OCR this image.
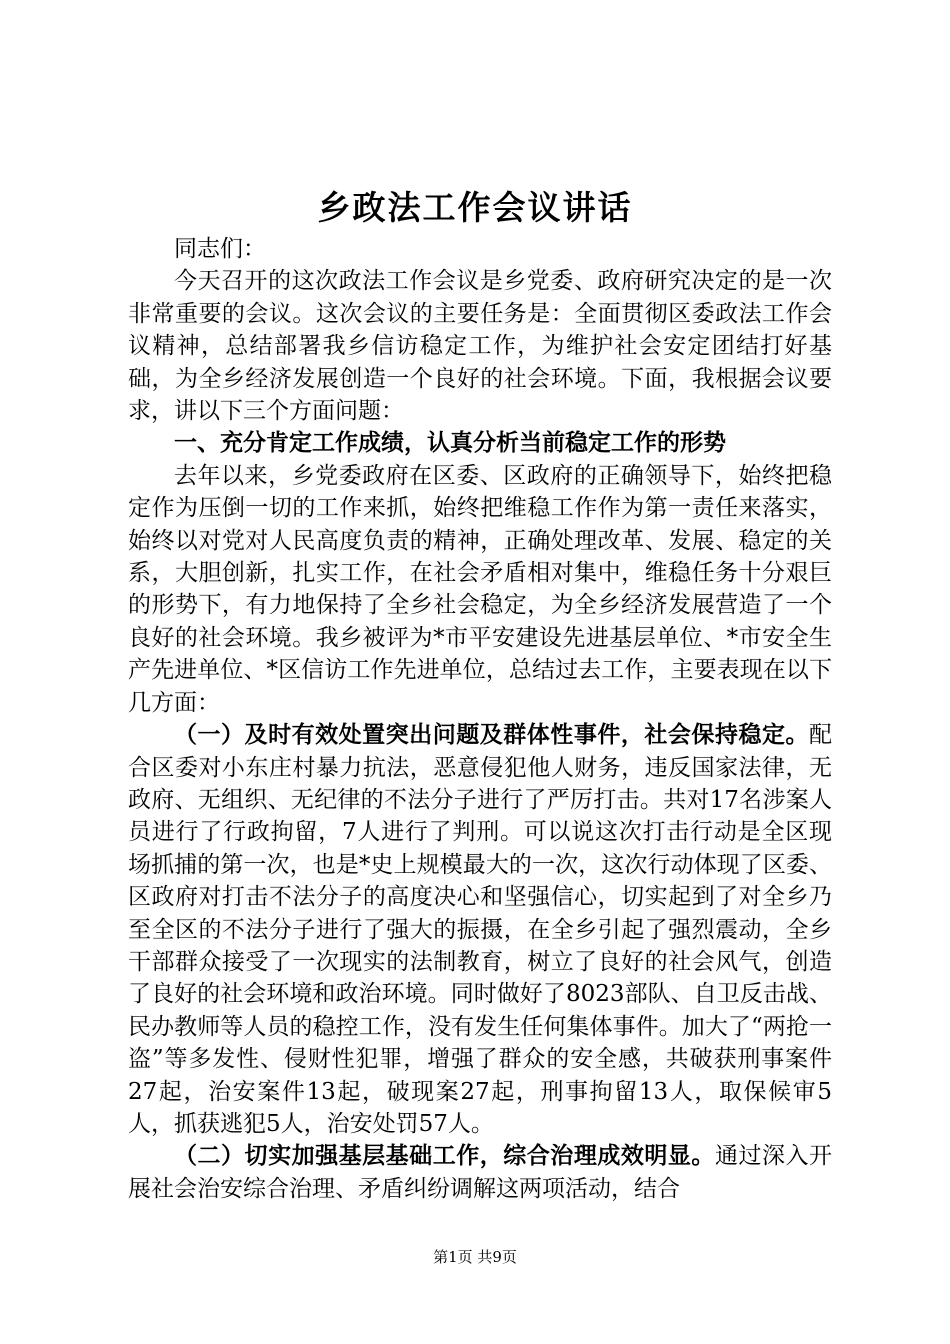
乡政法工作会议讲话

同志们：

今天召开的这次政法工作会议是乡党委、政府研究决定的是一次非常重要的会议。这次会议的主要任务是：全面贯彻区委政法工作会议精神，总结部署我乡信访稳定工作，为维护社会安定团结打好基础，为全乡经济发展创造一个良好的社会环境。下面，我根据会议要求，讲以下三个方面问题：

一、充分肯定工作成绩，认真分析当前稳定工作的形势

去年以来，乡党委政府在区委、区政府的正确领导下，始终把稳定作为压倒一切的工作来抓，始终把维稳工作作为第一责任来落实，始终以对党对人民高度负责的精神，正确处理改革、发展、稳定的关系，大胆创新，扎实工作，在社会矛盾相对集中，维稳任务十分艰巨的形势下，有力地保持了全乡社会稳定，为全乡经济发展营造了一个良好的社会环境。我乡被评为*市平安建设先进基层单位、*市安全生产先进单位、*区信访工作先进单位，总结过去工作，主要表现在以下几方面：

（一）及时有效处置突出问题及群体性事件，社会保持稳定。配合区委对小东庄村暴力抗法，恶意侵犯他人财务，违反国家法律，无政府、无组织、无纪律的不法分子进行了严厉打击。共对17名涉案人员进行了行政拘留，7人进行了判刑。可以说这次打击行动是全区现场抓捕的第一次，也是*史上规模最大的一次，这次行动体现了区委、区政府对打击不法分子的高度决心和坚强信心，切实起到了对全乡乃至全区的不法分子进行了强大的振摄，在全乡引起了强烈震动，全乡干部群众接受了一次现实的法制教育，树立了良好的社会风气，创造了良好的社会环境和政治环境。同时做好了8023部队、自卫反击战、民办教师等人员的稳控工作，没有发生任何集体事件。加大了“两抢一盗”等多发性、侵财性犯罪，增强了群众的安全感，共破获刑事案件27起，治安案件13起，破现案27起，刑事拘留13人，取保候审5人，抓获逃犯5人，治安处罚57人。

（二）切实加强基层基础工作，综合治理成效明显。通过深入开展社会治安综合治理、矛盾纠纷调解这两项活动，结合

第1页 共9页
